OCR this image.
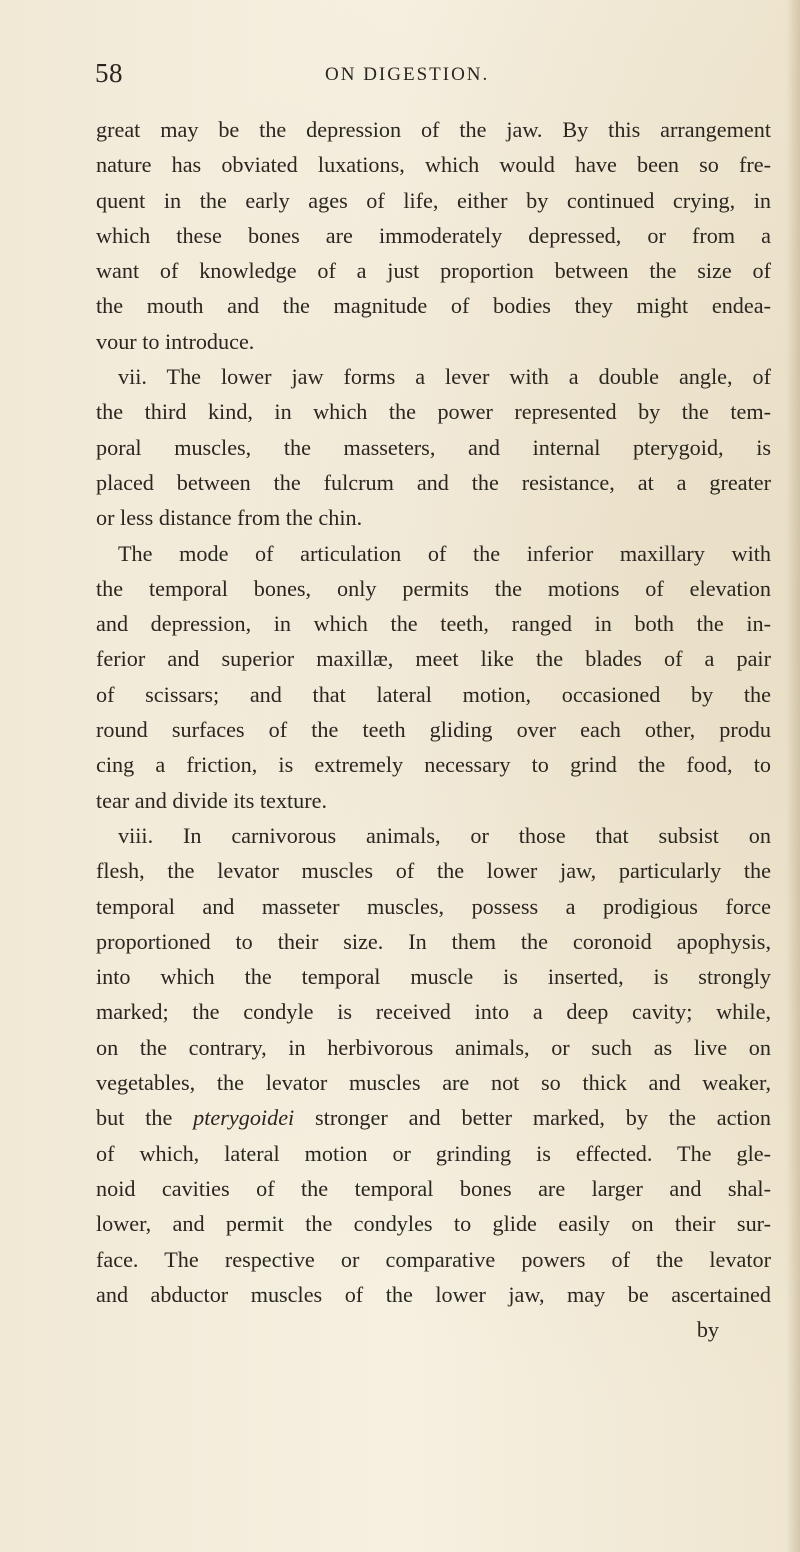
58	ON DIGESTION.
great may be the depression of the jaw. By this arrangement
nature has obviated luxations, which would have been so fre-
quent in the early ages of life, either by continued crying, in
which these bones are immoderately depressed, or from a
want of knowledge of a just proportion between the size of
the mouth and the magnitude of bodies they might endea-
vour to introduce.
vii. The lower jaw forms a lever with a double angle, of
the third kind, in which the power represented by the tem-
poral muscles, the masseters, and internal pterygoid, is
placed between the fulcrum and the resistance, at a greater
or less distance from the chin.
The mode of articulation of the inferior maxillary with
the temporal bones, only permits the motions of elevation
and depression, in which the teeth, ranged in both the in-
ferior and superior maxillæ, meet like the blades of a pair
of scissars; and that lateral motion, occasioned by the
round surfaces of the teeth gliding over each other, produ
cing a friction, is extremely necessary to grind the food, to
tear and divide its texture.
viii. In carnivorous animals, or those that subsist on
flesh, the levator muscles of the lower jaw, particularly the
temporal and masseter muscles, possess a prodigious force
proportioned to their size. In them the coronoid apophysis,
into which the temporal muscle is inserted, is strongly
marked; the condyle is received into a deep cavity; while,
on the contrary, in herbivorous animals, or such as live on
vegetables, the levator muscles are not so thick and weaker,
but the pterygoidei stronger and better marked, by the action
of which, lateral motion or grinding is effected. The gle-
noid cavities of the temporal bones are larger and shal-
lower, and permit the condyles to glide easily on their sur-
face. The respective or comparative powers of the levator
and abductor muscles of the lower jaw, may be ascertained
by
